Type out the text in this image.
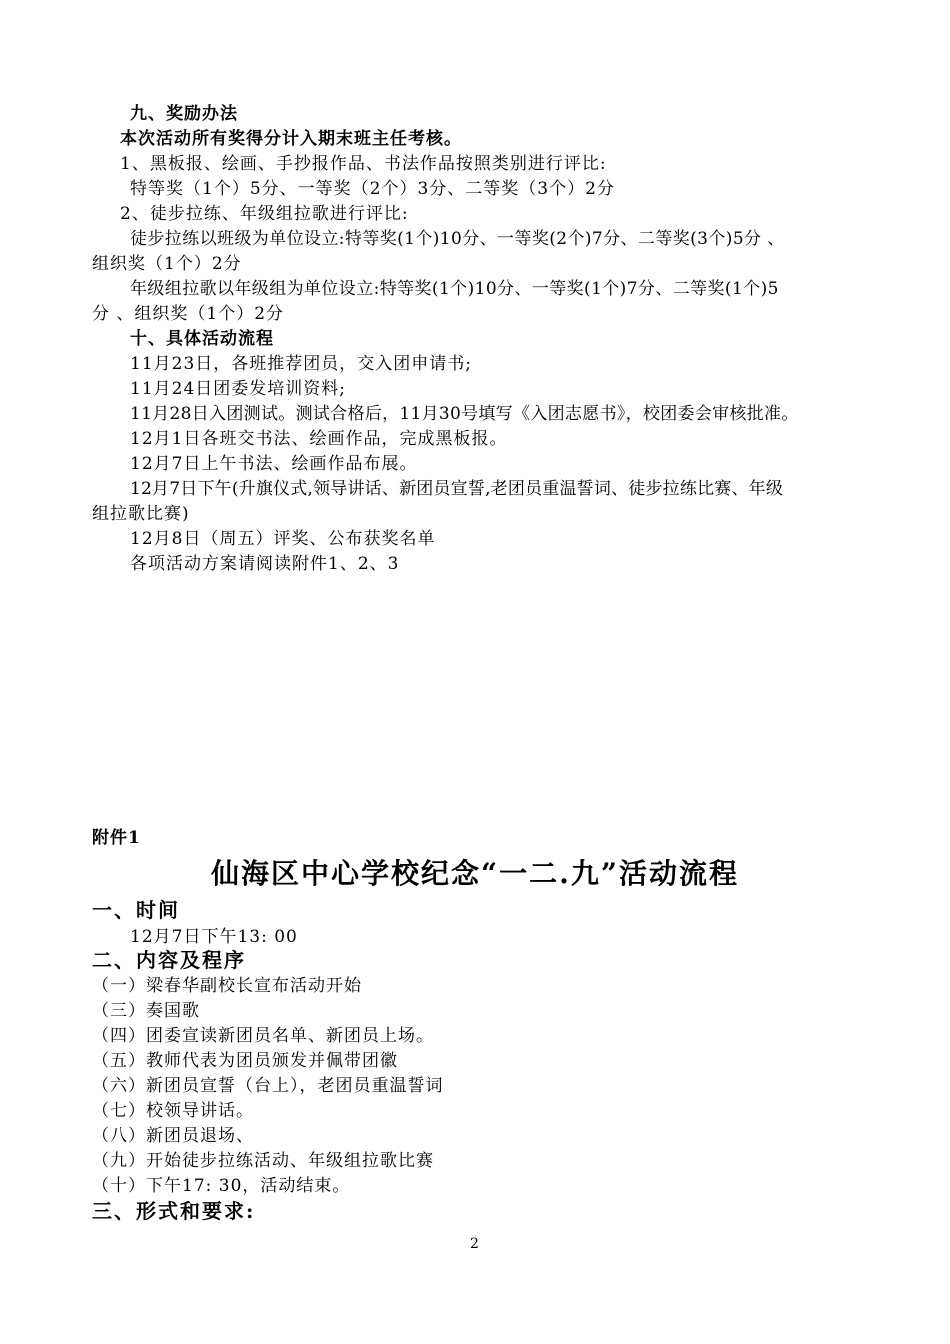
九、奖励办法
本次活动所有奖得分计入期末班主任考核。
1、黑板报、绘画、手抄报作品、书法作品按照类别进行评比:
特等奖（1个）5分、一等奖（2个）3分、二等奖（3个）2分
2、徒步拉练、年级组拉歌进行评比:
徒步拉练以班级为单位设立:特等奖(1个)10分、一等奖(2个)7分、二等奖(3个)5分 、
组织奖（1个）2分
年级组拉歌以年级组为单位设立:特等奖(1个)10分、一等奖(1个)7分、二等奖(1个)5
分 、组织奖（1个）2分
十、具体活动流程
11月23日，各班推荐团员，交入团申请书;
11月24日团委发培训资料;
11月28日入团测试。测试合格后，11月30号填写《入团志愿书》，校团委会审核批准。
12月1日各班交书法、绘画作品，完成黑板报。
12月7日上午书法、绘画作品布展。
12月7日下午(升旗仪式,领导讲话、新团员宣誓,老团员重温誓词、徒步拉练比赛、年级
组拉歌比赛)
12月8日（周五）评奖、公布获奖名单
各项活动方案请阅读附件1、2、3
附件1
仙海区中心学校纪念“一二.九”活动流程
一、时间
12月7日下午13: 00
二、内容及程序
（一）梁春华副校长宣布活动开始
（三）奏国歌
（四）团委宣读新团员名单、新团员上场。
（五）教师代表为团员颁发并佩带团徽
（六）新团员宣誓（台上），老团员重温誓词
（七）校领导讲话。
（八）新团员退场、
（九）开始徒步拉练活动、年级组拉歌比赛
（十）下午17: 30，活动结束。
三、形式和要求:
2
